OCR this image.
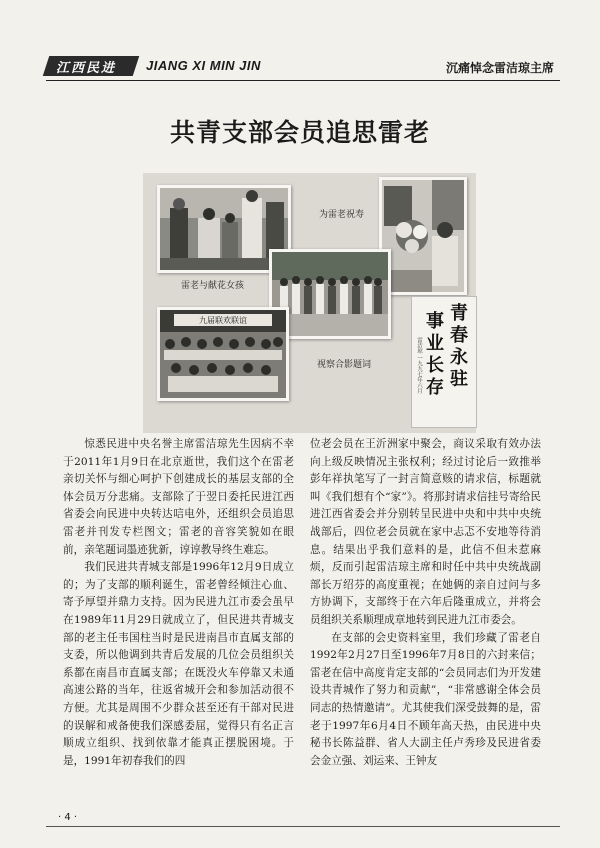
江西民进 JIANG XI MIN JIN	沉痛悼念雷洁琼主席
共青支部会员追思雷老
雷老与献花女孩
为雷老祝寿
视察合影题词
九届联欢联谊	青春永驻
事业长存
雷洁琼 一九九七年六月

惊悉民进中央名誉主席雷洁琼先生因病不幸于2011年1月9日在北京逝世，我们这个在雷老亲切关怀与细心呵护下创建成长的基层支部的全体会员万分悲痛。支部除了于翌日委托民进江西省委会向民进中央转达唁电外，还组织会员追思雷老并刊发专栏图文；雷老的音容笑貌如在眼前，亲笔题词墨迹犹新，谆谆教导终生难忘。

我们民进共青城支部是1996年12月9日成立的；为了支部的顺利诞生，雷老曾经倾注心血、寄予厚望并鼎力支持。因为民进九江市委会虽早在1989年11月29日就成立了，但民进共青城支部的老主任韦国柱当时是民进南昌市直属支部的支委，所以他调到共青后发展的几位会员组织关系都在南昌市直属支部；在既没火车停靠又未通高速公路的当年，往返省城开会和参加活动很不方便。尤其是周围不少群众甚至还有干部对民进的误解和戒备使我们深感委屈，觉得只有名正言顺成立组织、找到依靠才能真正摆脱困境。于是，1991年初春我们的四

位老会员在王沂洲家中聚会，商议采取有效办法向上级反映情况主张权利；经过讨论后一致推举彭年祥执笔写了一封言简意赅的请求信，标题就叫《我们想有个“家”》。将那封请求信挂号寄给民进江西省委会并分别转呈民进中央和中共中央统战部后，四位老会员就在家中忐忑不安地等待消息。结果出乎我们意料的是，此信不但未惹麻烦，反而引起雷洁琼主席和时任中共中央统战副部长万绍芬的高度重视；在她俩的亲自过问与多方协调下，支部终于在六年后隆重成立，并将会员组织关系顺理成章地转到民进九江市委会。

在支部的会史资料室里，我们珍藏了雷老自1992年2月27日至1996年7月8日的六封来信；雷老在信中高度肯定支部的“会员同志们为开发建设共青城作了努力和贡献”，“非常感谢全体会员同志的热情邀请”。尤其使我们深受鼓舞的是，雷老于1997年6月4日不顾年高天热，由民进中央秘书长陈益群、省人大副主任卢秀珍及民进省委会金立强、刘运来、王钟友

· 4 ·
